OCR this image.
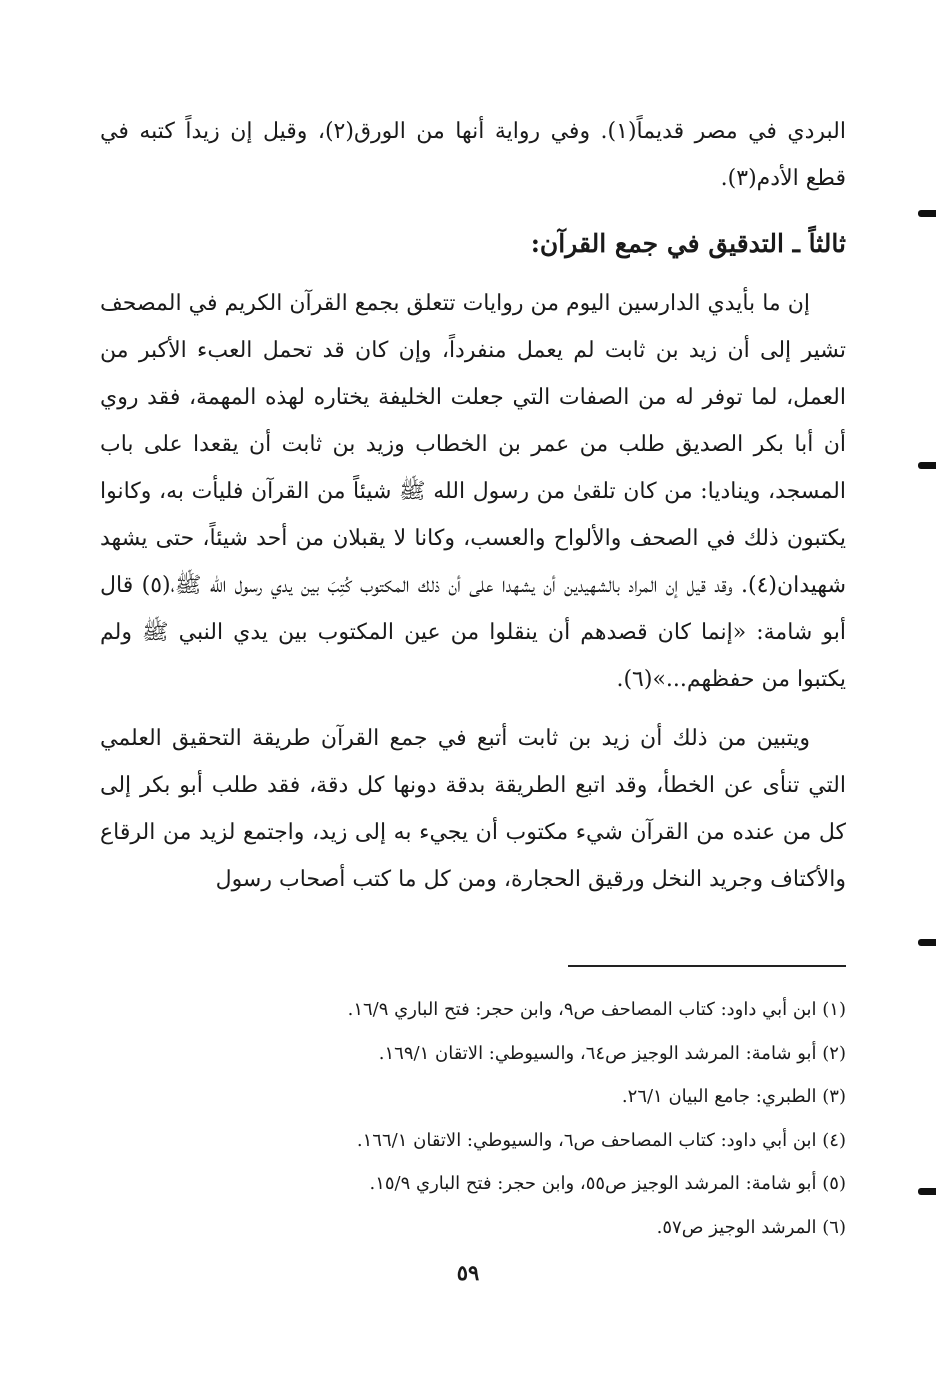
البردي في مصر قديماً(١). وفي رواية أنها من الورق(٢)، وقيل إن زيداً كتبه في قطع الأدم(٣).

ثالثاً ـ التدقيق في جمع القرآن:

إن ما بأيدي الدارسين اليوم من روايات تتعلق بجمع القرآن الكريم في المصحف تشير إلى أن زيد بن ثابت لم يعمل منفرداً، وإن كان قد تحمل العبء الأكبر من العمل، لما توفر له من الصفات التي جعلت الخليفة يختاره لهذه المهمة، فقد روي أن أبا بكر الصديق طلب من عمر بن الخطاب وزيد بن ثابت أن يقعدا على باب المسجد، وينادیا: من كان تلقىٰ من رسول الله ﷺ شيئاً من القرآن فليأت به، وكانوا يكتبون ذلك في الصحف والألواح والعسب، وكانا لا يقبلان من أحد شيئاً، حتى يشهد شهيدان(٤). وقد قيل إن المراد بالشهيدين أن يشهدا على أن ذلك المكتوب كُتِبَ بين يدي رسول الله ﷺ،(٥) قال أبو شامة: «إنما كان قصدهم أن ينقلوا من عين المكتوب بين يدي النبي ﷺ ولم يكتبوا من حفظهم...»(٦).

ويتبين من ذلك أن زيد بن ثابت أتبع في جمع القرآن طريقة التحقيق العلمي التي تنأى عن الخطأ، وقد اتبع الطريقة بدقة دونها كل دقة، فقد طلب أبو بكر إلى كل من عنده من القرآن شيء مكتوب أن يجيء به إلى زيد، واجتمع لزيد من الرقاع والأكتاف وجريد النخل ورقيق الحجارة، ومن كل ما كتب أصحاب رسول

(١) ابن أبي داود: كتاب المصاحف ص٩، وابن حجر: فتح الباري ١٦/٩.
(٢) أبو شامة: المرشد الوجيز ص٦٤، والسيوطي: الاتقان ١٦٩/١.
(٣) الطبري: جامع البيان ٢٦/١.
(٤) ابن أبي داود: كتاب المصاحف ص٦، والسيوطي: الاتقان ١٦٦/١.
(٥) أبو شامة: المرشد الوجيز ص٥٥، وابن حجر: فتح الباري ١٥/٩.
(٦) المرشد الوجيز ص٥٧.
٥٩
